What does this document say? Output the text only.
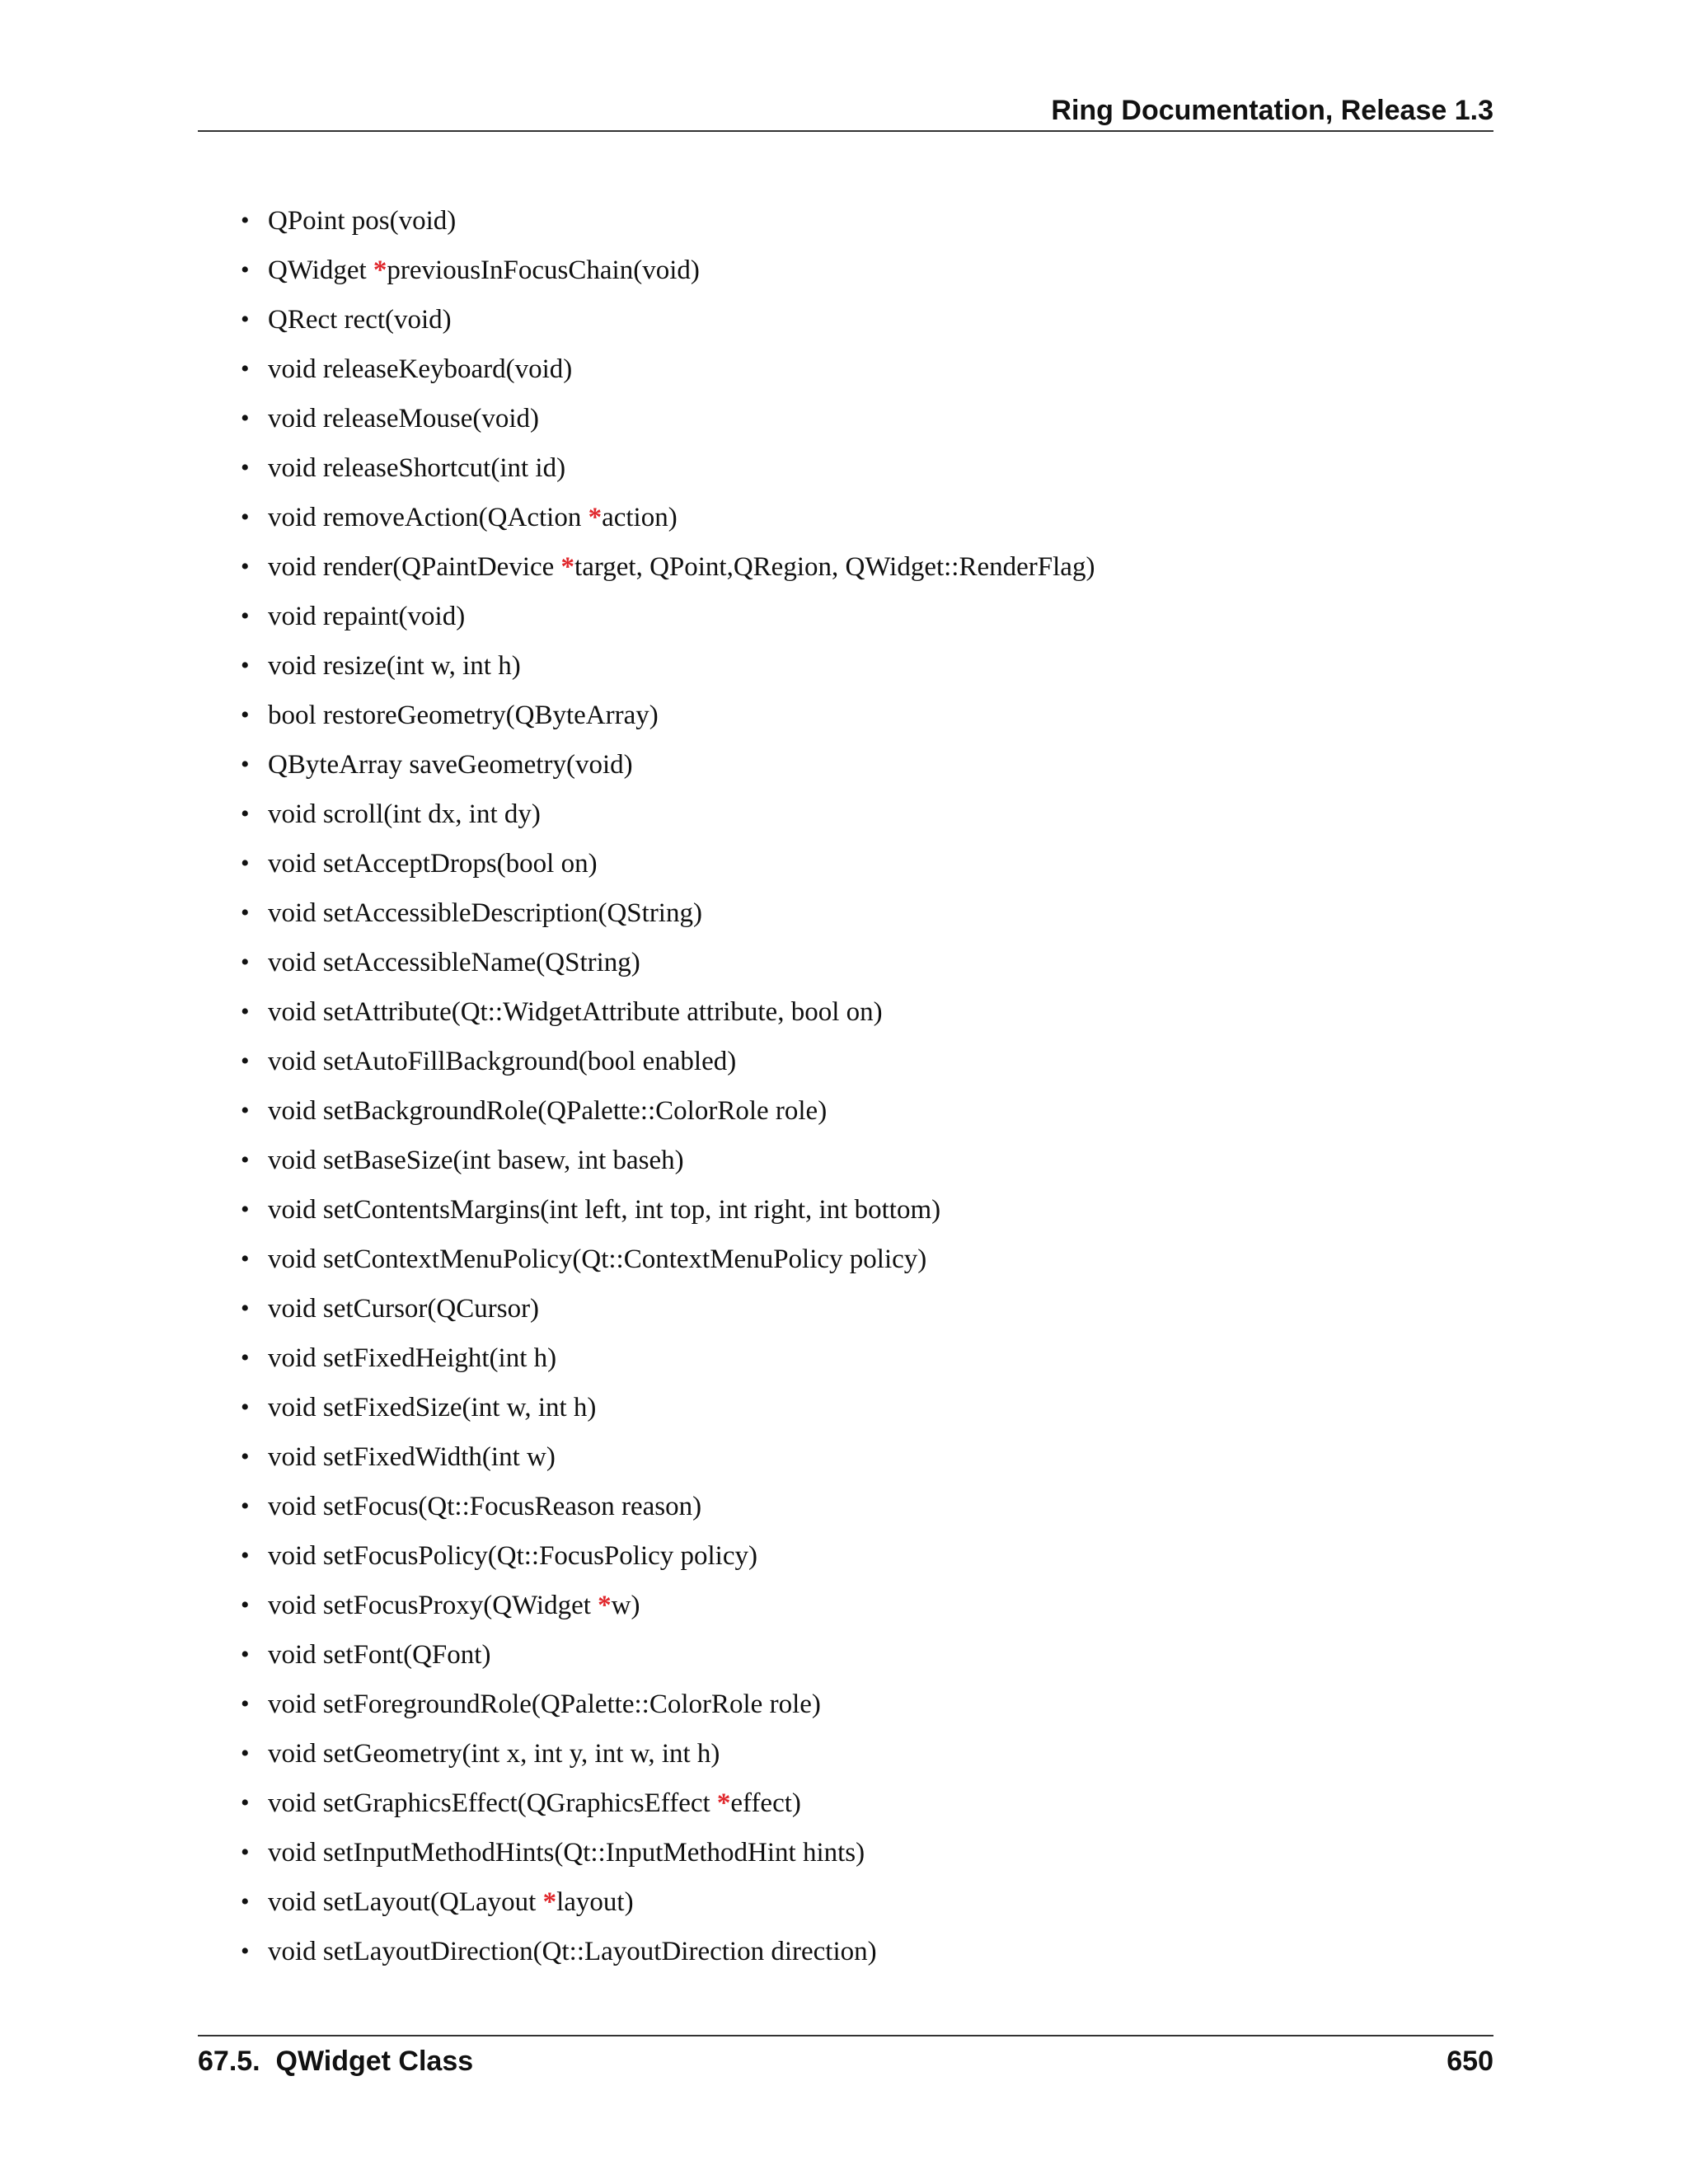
Ring Documentation, Release 1.3
• QPoint pos(void)
• QWidget *previousInFocusChain(void)
• QRect rect(void)
• void releaseKeyboard(void)
• void releaseMouse(void)
• void releaseShortcut(int id)
• void removeAction(QAction *action)
• void render(QPaintDevice *target, QPoint,QRegion, QWidget::RenderFlag)
• void repaint(void)
• void resize(int w, int h)
• bool restoreGeometry(QByteArray)
• QByteArray saveGeometry(void)
• void scroll(int dx, int dy)
• void setAcceptDrops(bool on)
• void setAccessibleDescription(QString)
• void setAccessibleName(QString)
• void setAttribute(Qt::WidgetAttribute attribute, bool on)
• void setAutoFillBackground(bool enabled)
• void setBackgroundRole(QPalette::ColorRole role)
• void setBaseSize(int basew, int baseh)
• void setContentsMargins(int left, int top, int right, int bottom)
• void setContextMenuPolicy(Qt::ContextMenuPolicy policy)
• void setCursor(QCursor)
• void setFixedHeight(int h)
• void setFixedSize(int w, int h)
• void setFixedWidth(int w)
• void setFocus(Qt::FocusReason reason)
• void setFocusPolicy(Qt::FocusPolicy policy)
• void setFocusProxy(QWidget *w)
• void setFont(QFont)
• void setForegroundRole(QPalette::ColorRole role)
• void setGeometry(int x, int y, int w, int h)
• void setGraphicsEffect(QGraphicsEffect *effect)
• void setInputMethodHints(Qt::InputMethodHint hints)
• void setLayout(QLayout *layout)
• void setLayoutDirection(Qt::LayoutDirection direction)
67.5.  QWidget Class	650
